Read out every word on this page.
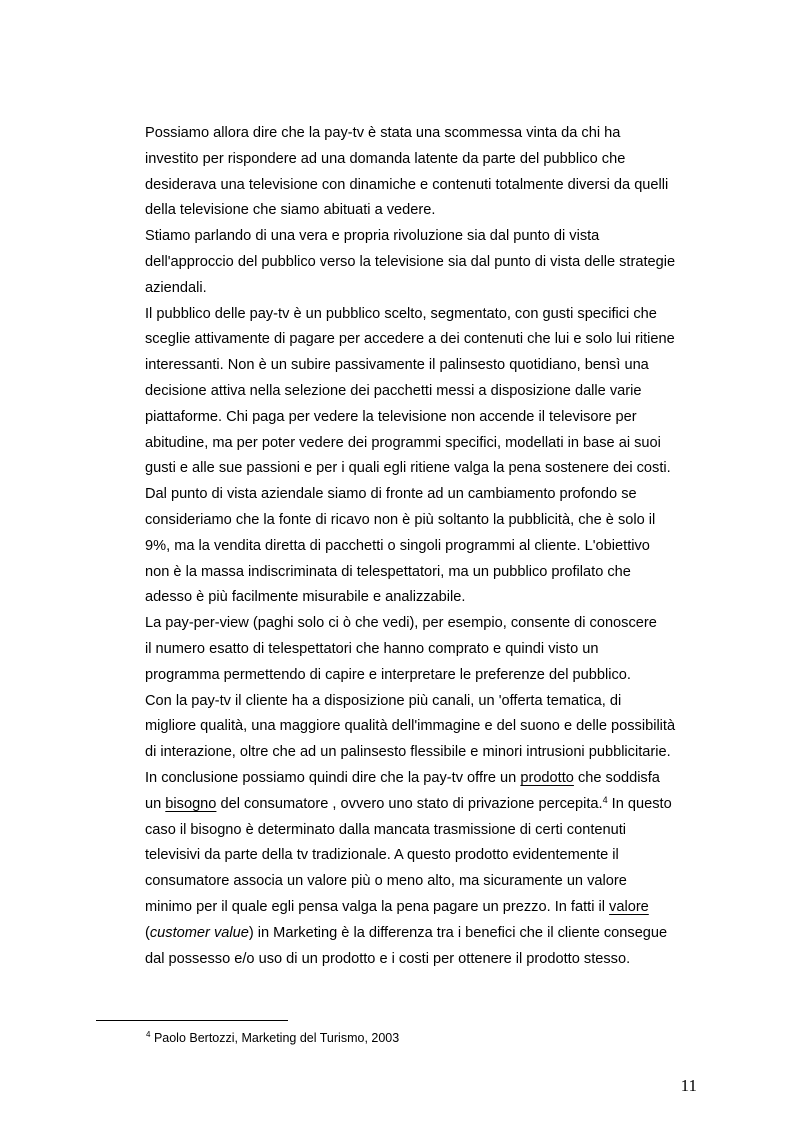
Possiamo allora dire che la pay-tv è stata una scommessa vinta da chi ha
investito per rispondere ad una domanda latente da parte del pubblico che
desiderava una televisione con dinamiche e contenuti totalmente diversi da quelli
della televisione che siamo abituati a vedere.
Stiamo parlando di una vera e propria rivoluzione sia dal punto di vista
dell'approccio del pubblico verso la televisione sia dal punto di vista delle strategie
aziendali.
Il pubblico delle pay-tv è un pubblico scelto, segmentato, con gusti specifici che
sceglie attivamente di pagare per accedere a dei contenuti che lui e solo lui ritiene
interessanti. Non è un subire passivamente il palinsesto quotidiano, bensì una
decisione attiva nella selezione dei pacchetti messi a disposizione dalle varie
piattaforme. Chi paga per vedere la televisione non accende il televisore per
abitudine, ma per poter vedere dei programmi specifici, modellati in base ai suoi
gusti e alle sue passioni e per i quali egli ritiene valga la pena sostenere dei costi.
Dal punto di vista aziendale siamo di fronte ad un cambiamento profondo se
consideriamo che la fonte di ricavo non è più soltanto la pubblicità, che è solo il
9%, ma la vendita diretta di pacchetti o singoli programmi al cliente. L'obiettivo
non è la massa indiscriminata di telespettatori, ma un pubblico profilato che
adesso è più facilmente misurabile e analizzabile.
La pay-per-view (paghi solo ci ò che vedi), per esempio, consente di conoscere
il numero esatto di telespettatori che hanno comprato e quindi visto un
programma permettendo di capire e interpretare le preferenze del pubblico.
Con la pay-tv il cliente ha a disposizione più canali, un 'offerta tematica, di
migliore qualità, una maggiore qualità dell'immagine e del suono e delle possibilità
di interazione, oltre che ad un palinsesto flessibile e minori intrusioni pubblicitarie.
In conclusione possiamo quindi dire che la pay-tv offre un prodotto che soddisfa
un bisogno del consumatore , ovvero uno stato di privazione percepita.$^4$ In questo
caso il bisogno è determinato dalla mancata trasmissione di certi contenuti
televisivi da parte della tv tradizionale. A questo prodotto evidentemente il
consumatore associa un valore più o meno alto, ma sicuramente un valore
minimo per il quale egli pensa valga la pena pagare un prezzo. In fatti il valore
(customer value) in Marketing è la differenza tra i benefici che il cliente consegue
dal possesso e/o uso di un prodotto e i costi per ottenere il prodotto stesso.
$^4$ Paolo Bertozzi, Marketing del Turismo, 2003
11
